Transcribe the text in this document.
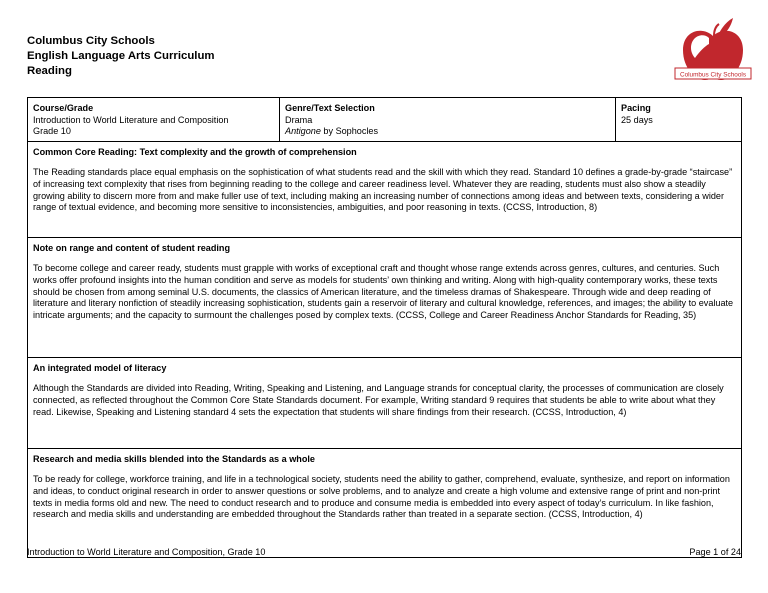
Columbus City Schools
English Language Arts Curriculum
Reading	Columbus City Schools
Course/Grade
Introduction to World Literature and Composition
Grade 10

Genre/Text Selection
Drama
Antigone by Sophocles

Pacing
25 days

Common Core Reading: Text complexity and the growth of comprehension
The Reading standards place equal emphasis on the sophistication of what students read and the skill with which they read. Standard 10 defines a grade-by-grade “staircase” of increasing text complexity that rises from beginning reading to the college and career readiness level. Whatever they are reading, students must also show a steadily growing ability to discern more from and make fuller use of text, including making an increasing number of connections among ideas and between texts, considering a wider range of textual evidence, and becoming more sensitive to inconsistencies, ambiguities, and poor reasoning in texts. (CCSS, Introduction, 8)

Note on range and content of student reading
To become college and career ready, students must grapple with works of exceptional craft and thought whose range extends across genres, cultures, and centuries. Such works offer profound insights into the human condition and serve as models for students’ own thinking and writing. Along with high-quality contemporary works, these texts should be chosen from among seminal U.S. documents, the classics of American literature, and the timeless dramas of Shakespeare. Through wide and deep reading of literature and literary nonfiction of steadily increasing sophistication, students gain a reservoir of literary and cultural knowledge, references, and images; the ability to evaluate intricate arguments; and the capacity to surmount the challenges posed by complex texts. (CCSS, College and Career Readiness Anchor Standards for Reading, 35)

An integrated model of literacy
Although the Standards are divided into Reading, Writing, Speaking and Listening, and Language strands for conceptual clarity, the processes of communication are closely connected, as reflected throughout the Common Core State Standards document. For example, Writing standard 9 requires that students be able to write about what they read. Likewise, Speaking and Listening standard 4 sets the expectation that students will share findings from their research. (CCSS, Introduction, 4)

Research and media skills blended into the Standards as a whole
To be ready for college, workforce training, and life in a technological society, students need the ability to gather, comprehend, evaluate, synthesize, and report on information and ideas, to conduct original research in order to answer questions or solve problems, and to analyze and create a high volume and extensive range of print and non-print texts in media forms old and new. The need to conduct research and to produce and consume media is embedded into every aspect of today’s curriculum. In like fashion, research and media skills and understanding are embedded throughout the Standards rather than treated in a separate section. (CCSS, Introduction, 4)
Introduction to World Literature and Composition, Grade 10	Page 1 of 24
